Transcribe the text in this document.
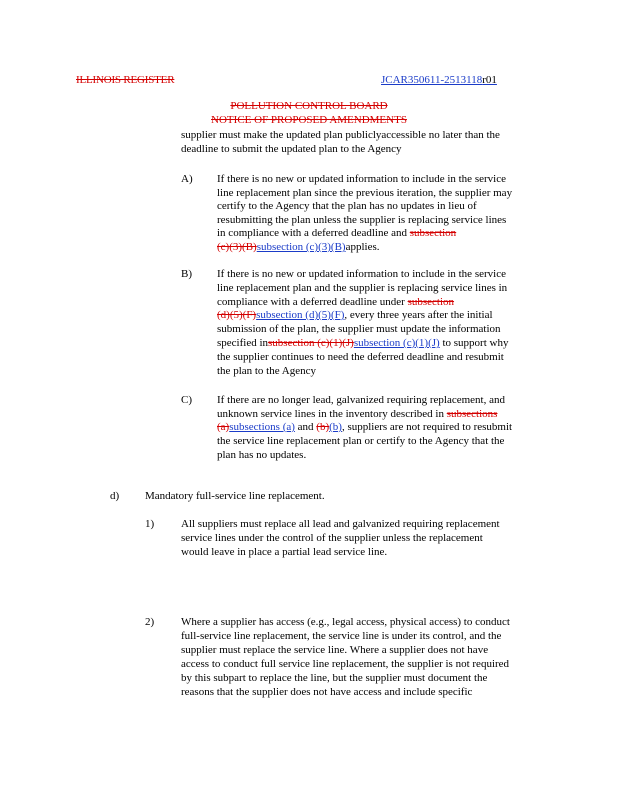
ILLINOIS REGISTER	JCAR350611-2513118r01
POLLUTION CONTROL BOARD
NOTICE OF PROPOSED AMENDMENTS
supplier must make the updated plan publiclyaccessible no later than the
deadline to submit the updated plan to the Agency
A) If there is no new or updated information to include in the service
line replacement plan since the previous iteration, the supplier may
certify to the Agency that the plan has no updates in lieu of
resubmitting the plan unless the supplier is replacing service lines
in compliance with a deferred deadline and subsection
(c)(3)(B)subsection (c)(3)(B)applies.
B) If there is no new or updated information to include in the service
line replacement plan and the supplier is replacing service lines in
compliance with a deferred deadline under subsection
(d)(5)(F)subsection (d)(5)(F), every three years after the initial
submission of the plan, the supplier must update the information
specified insubsection (c)(1)(J)subsection (c)(1)(J) to support why
the supplier continues to need the deferred deadline and resubmit
the plan to the Agency
C) If there are no longer lead, galvanized requiring replacement, and
unknown service lines in the inventory described in subsections
(a)subsections (a) and (b)(b), suppliers are not required to resubmit
the service line replacement plan or certify to the Agency that the
plan has no updates.
d) Mandatory full-service line replacement.
1) All suppliers must replace all lead and galvanized requiring replacement
service lines under the control of the supplier unless the replacement
would leave in place a partial lead service line.
2) Where a supplier has access (e.g., legal access, physical access) to conduct
full-service line replacement, the service line is under its control, and the
supplier must replace the service line. Where a supplier does not have
access to conduct full service line replacement, the supplier is not required
by this subpart to replace the line, but the supplier must document the
reasons that the supplier does not have access and include specific
